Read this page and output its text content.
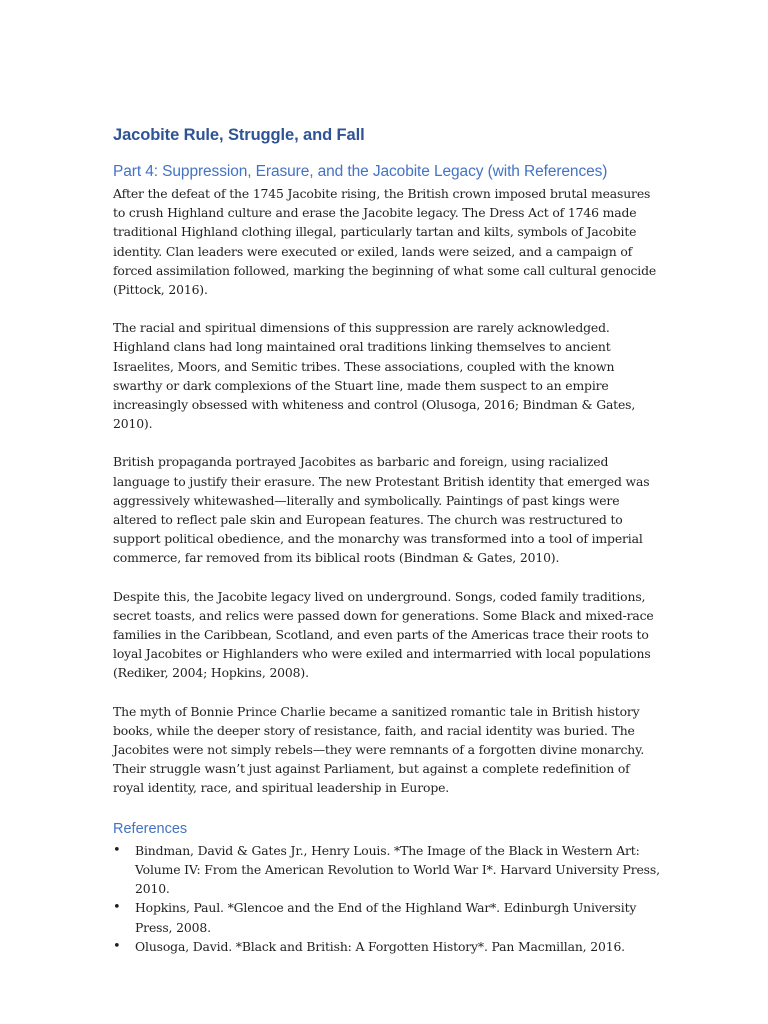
Jacobite Rule, Struggle, and Fall
Part 4: Suppression, Erasure, and the Jacobite Legacy (with References)

After the defeat of the 1745 Jacobite rising, the British crown imposed brutal measures to crush Highland culture and erase the Jacobite legacy. The Dress Act of 1746 made traditional Highland clothing illegal, particularly tartan and kilts, symbols of Jacobite identity. Clan leaders were executed or exiled, lands were seized, and a campaign of forced assimilation followed, marking the beginning of what some call cultural genocide (Pittock, 2016).

The racial and spiritual dimensions of this suppression are rarely acknowledged. Highland clans had long maintained oral traditions linking themselves to ancient Israelites, Moors, and Semitic tribes. These associations, coupled with the known swarthy or dark complexions of the Stuart line, made them suspect to an empire increasingly obsessed with whiteness and control (Olusoga, 2016; Bindman & Gates, 2010).

British propaganda portrayed Jacobites as barbaric and foreign, using racialized language to justify their erasure. The new Protestant British identity that emerged was aggressively whitewashed—literally and symbolically. Paintings of past kings were altered to reflect pale skin and European features. The church was restructured to support political obedience, and the monarchy was transformed into a tool of imperial commerce, far removed from its biblical roots (Bindman & Gates, 2010).

Despite this, the Jacobite legacy lived on underground. Songs, coded family traditions, secret toasts, and relics were passed down for generations. Some Black and mixed-race families in the Caribbean, Scotland, and even parts of the Americas trace their roots to loyal Jacobites or Highlanders who were exiled and intermarried with local populations (Rediker, 2004; Hopkins, 2008).

The myth of Bonnie Prince Charlie became a sanitized romantic tale in British history books, while the deeper story of resistance, faith, and racial identity was buried. The Jacobites were not simply rebels—they were remnants of a forgotten divine monarchy. Their struggle wasn’t just against Parliament, but against a complete redefinition of royal identity, race, and spiritual leadership in Europe.

References
• Bindman, David & Gates Jr., Henry Louis. *The Image of the Black in Western Art: Volume IV: From the American Revolution to World War I*. Harvard University Press, 2010.
• Hopkins, Paul. *Glencoe and the End of the Highland War*. Edinburgh University Press, 2008.
• Olusoga, David. *Black and British: A Forgotten History*. Pan Macmillan, 2016.
